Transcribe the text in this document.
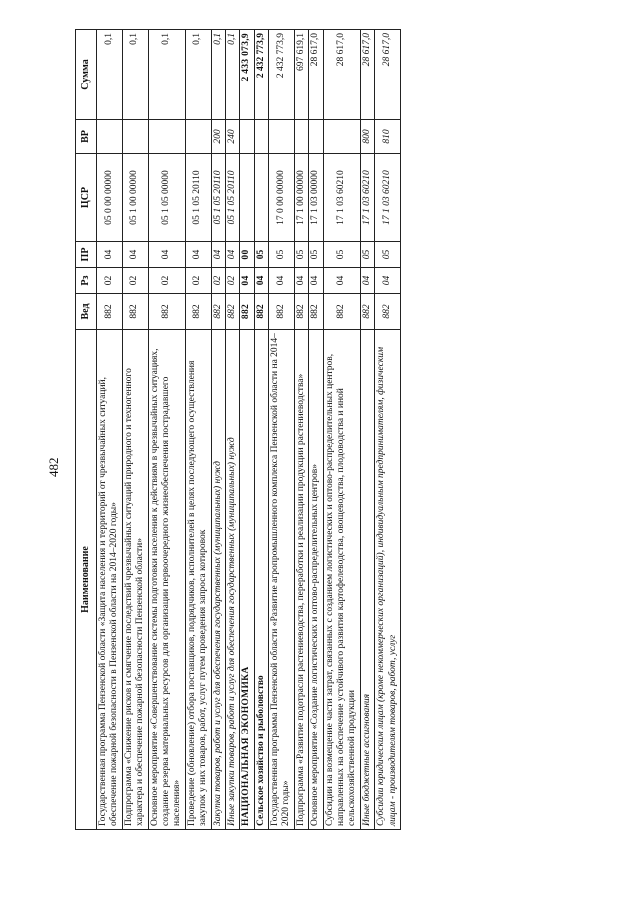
482
Наименование	Вед	Рз	ПР	ЦСР	ВР	Сумма
Государственная программа Пензенской области «Защита населения и территорий от чрезвычайных ситуаций, обеспечение пожарной безопасности в Пензенской области на 2014–2020 годы»	882	02	04	05 0 00 00000		0,1
Подпрограмма «Снижение рисков и смягчение последствий чрезвычайных ситуаций природного и техногенного характера и обеспечение пожарной безопасности Пензенской области»	882	02	04	05 1 00 00000		0,1
Основное мероприятие «Совершенствование системы подготовки населения к действиям в чрезвычайных ситуациях, создание резерва материальных ресурсов для организации первоочередного жизнеобеспечения пострадавшего населения»	882	02	04	05 1 05 00000		0,1
Проведение (обновление) отбора поставщиков, подрядчиков, исполнителей в целях последующего осуществления закупок у них товаров, работ, услуг путем проведения запроса котировок	882	02	04	05 1 05 20110		0,1
Закупка товаров, работ и услуг для обеспечения государственных (муниципальных) нужд	882	02	04	05 1 05 20110	200	0,1
Иные закупки товаров, работ и услуг для обеспечения государственных (муниципальных) нужд	882	02	04	05 1 05 20110	240	0,1
НАЦИОНАЛЬНАЯ ЭКОНОМИКА	882	04	00			2 433 073,9
Сельское хозяйство и рыболовство	882	04	05			2 432 773,9
Государственная программа Пензенской области «Развитие агропромышленного комплекса Пензенской области на 2014–2020 годы»	882	04	05	17 0 00 00000		2 432 773,9
Подпрограмма «Развитие подотрасли растениеводства, переработки и реализации продукции растениеводства»	882	04	05	17 1 00 00000		697 619,1
Основное мероприятие «Создание логистических и оптово-распределительных центров»	882	04	05	17 1 03 00000		28 617,0
Субсидии на возмещение части затрат, связанных с созданием логистических и оптово-распределительных центров, направленных на обеспечение устойчивого развития картофелеводства, овощеводства, плодоводства и иной сельскохозяйственной продукции	882	04	05	17 1 03 60210		28 617,0
Иные бюджетные ассигнования	882	04	05	17 1 03 60210	800	28 617,0
Субсидии юридическим лицам (кроме некоммерческих организаций), индивидуальным предпринимателям, физическим лицам - производителям товаров, работ, услуг	882	04	05	17 1 03 60210	810	28 617,0
